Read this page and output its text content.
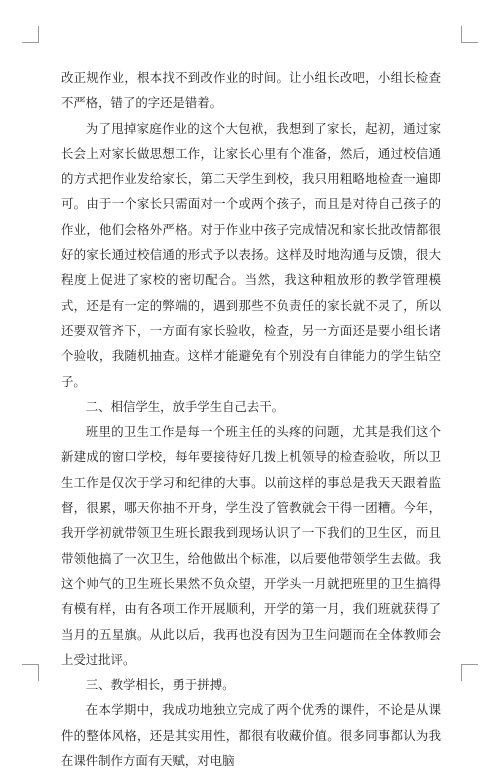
改正规作业，根本找不到改作业的时间。让小组长改吧，小组长检查不严格，错了的字还是错着。

为了甩掉家庭作业的这个大包袱，我想到了家长，起初，通过家长会上对家长做思想工作，让家长心里有个准备，然后，通过校信通的方式把作业发给家长，第二天学生到校，我只用粗略地检查一遍即可。由于一个家长只需面对一个或两个孩子，而且是对待自己孩子的作业，他们会格外严格。对于作业中孩子完成情况和家长批改情都很好的家长通过校信通的形式予以表扬。这样及时地沟通与反馈，很大程度上促进了家校的密切配合。当然，我这种粗放形的教学管理模式，还是有一定的弊端的，遇到那些不负责任的家长就不灵了，所以还要双管齐下，一方面有家长验收，检查，另一方面还是要小组长诸个验收，我随机抽查。这样才能避免有个别没有自律能力的学生钻空子。

二、相信学生，放手学生自己去干。

班里的卫生工作是每一个班主任的头疼的问题，尤其是我们这个新建成的窗口学校，每年要接待好几拨上机领导的检查验收，所以卫生工作是仅次于学习和纪律的大事。以前这样的事总是我天天跟着监督，很累，哪天你抽不开身，学生没了管教就会干得一团糟。今年，我开学初就带领卫生班长跟我到现场认识了一下我们的卫生区，而且带领他搞了一次卫生，给他做出个标准，以后要他带领学生去做。我这个帅气的卫生班长果然不负众望，开学头一月就把班里的卫生搞得有模有样，由有各项工作开展顺利，开学的第一月，我们班就获得了当月的五星旗。从此以后，我再也没有因为卫生问题而在全体教师会上受过批评。

三、教学相长，勇于拼搏。

在本学期中，我成功地独立完成了两个优秀的课件，不论是从课件的整体风格，还是其实用性，都很有收藏价值。很多同事都认为我在课件制作方面有天赋，对电脑
